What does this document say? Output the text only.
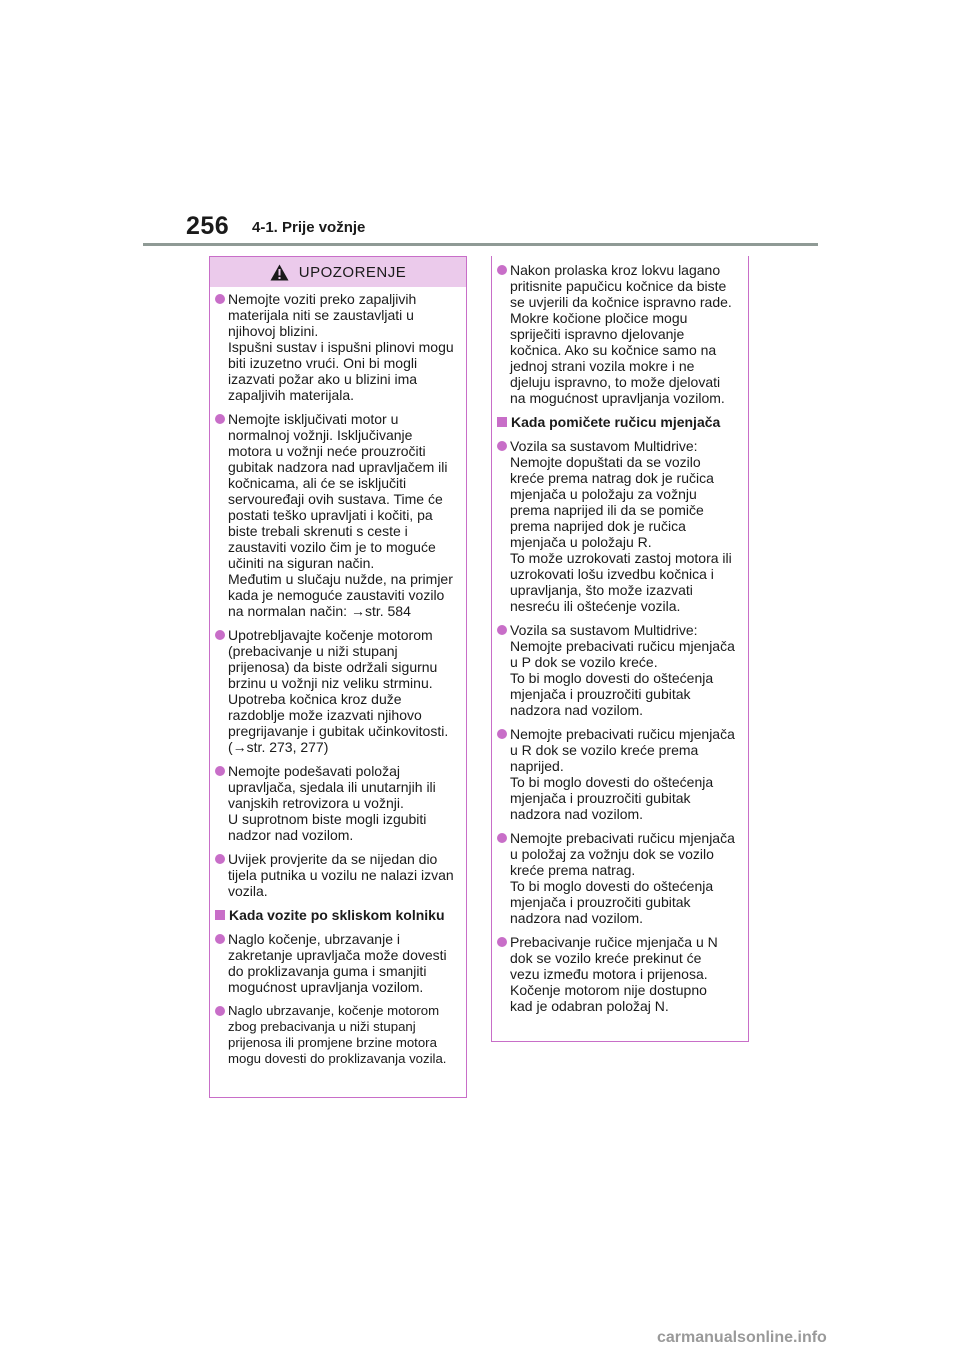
256 4-1. Prije vožnje
UPOZORENJE
Nemojte voziti preko zapaljivih
materijala niti se zaustavljati u
njihovoj blizini.
Ispušni sustav i ispušni plinovi mogu
biti izuzetno vrući. Oni bi mogli
izazvati požar ako u blizini ima
zapaljivih materijala.
Nemojte isključivati motor u
normalnoj vožnji. Isključivanje
motora u vožnji neće prouzročiti
gubitak nadzora nad upravljačem ili
kočnicama, ali će se isključiti
servouređaji ovih sustava. Time će
postati teško upravljati i kočiti, pa
biste trebali skrenuti s ceste i
zaustaviti vozilo čim je to moguće
učiniti na siguran način.
Međutim u slučaju nužde, na primjer
kada je nemoguće zaustaviti vozilo
na normalan način: →str. 584
Upotrebljavajte kočenje motorom
(prebacivanje u niži stupanj
prijenosa) da biste održali sigurnu
brzinu u vožnji niz veliku strminu.
Upotreba kočnica kroz duže
razdoblje može izazvati njihovo
pregrijavanje i gubitak učinkovitosti.
(→str. 273, 277)
Nemojte podešavati položaj
upravljača, sjedala ili unutarnjih ili
vanjskih retrovizora u vožnji.
U suprotnom biste mogli izgubiti
nadzor nad vozilom.
Uvijek provjerite da se nijedan dio
tijela putnika u vozilu ne nalazi izvan
vozila.
Kada vozite po skliskom kolniku
Naglo kočenje, ubrzavanje i
zakretanje upravljača može dovesti
do proklizavanja guma i smanjiti
mogućnost upravljanja vozilom.
Naglo ubrzavanje, kočenje motorom
zbog prebacivanja u niži stupanj
prijenosa ili promjene brzine motora
mogu dovesti do proklizavanja vozila.
Nakon prolaska kroz lokvu lagano
pritisnite papučicu kočnice da biste
se uvjerili da kočnice ispravno rade.
Mokre kočione pločice mogu
spriječiti ispravno djelovanje
kočnica. Ako su kočnice samo na
jednoj strani vozila mokre i ne
djeluju ispravno, to može djelovati
na mogućnost upravljanja vozilom.
Kada pomičete ručicu mjenjača
Vozila sa sustavom Multidrive:
Nemojte dopuštati da se vozilo
kreće prema natrag dok je ručica
mjenjača u položaju za vožnju
prema naprijed ili da se pomiče
prema naprijed dok je ručica
mjenjača u položaju R.
To može uzrokovati zastoj motora ili
uzrokovati lošu izvedbu kočnica i
upravljanja, što može izazvati
nesreću ili oštećenje vozila.
Vozila sa sustavom Multidrive:
Nemojte prebacivati ručicu mjenjača
u P dok se vozilo kreće.
To bi moglo dovesti do oštećenja
mjenjača i prouzročiti gubitak
nadzora nad vozilom.
Nemojte prebacivati ručicu mjenjača
u R dok se vozilo kreće prema
naprijed.
To bi moglo dovesti do oštećenja
mjenjača i prouzročiti gubitak
nadzora nad vozilom.
Nemojte prebacivati ručicu mjenjača
u položaj za vožnju dok se vozilo
kreće prema natrag.
To bi moglo dovesti do oštećenja
mjenjača i prouzročiti gubitak
nadzora nad vozilom.
Prebacivanje ručice mjenjača u N
dok se vozilo kreće prekinut će
vezu između motora i prijenosa.
Kočenje motorom nije dostupno
kad je odabran položaj N.
carmanualsonline.info
